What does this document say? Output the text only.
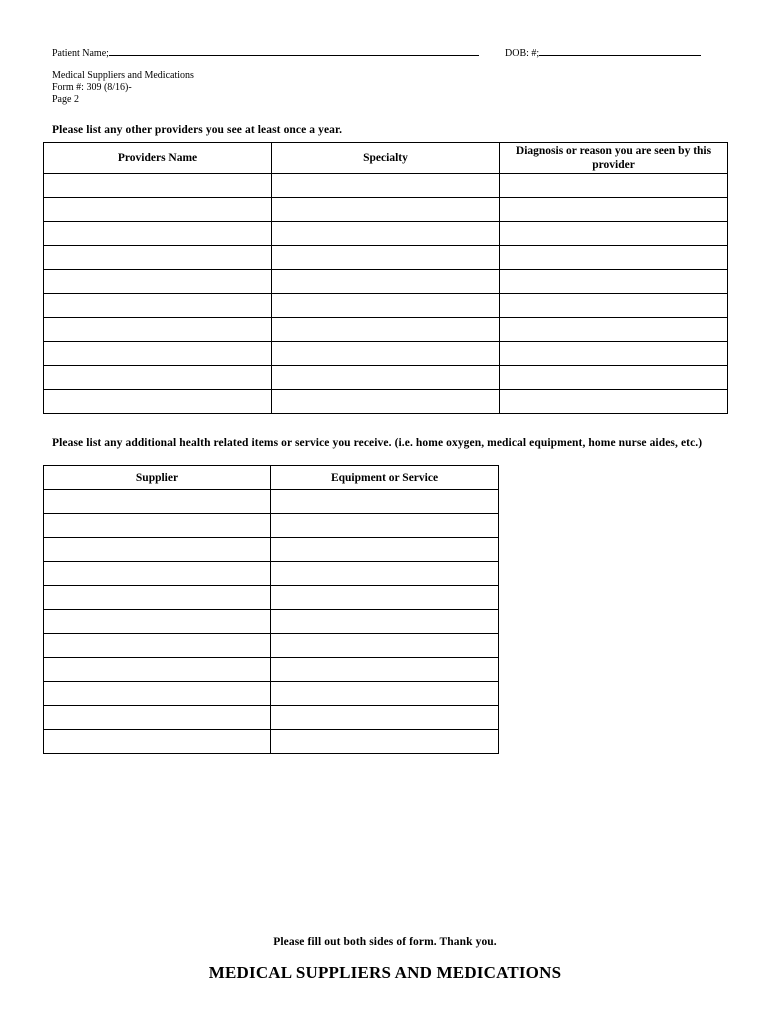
Patient Name;	DOB: #;
Medical Suppliers and Medications
Form #: 309 (8/16)-
Page 2
Please list any other providers you see at least once a year.
Providers Name	Specialty	Diagnosis or reason you are seen by this provider

Please list any additional health related items or service you receive. (i.e. home oxygen, medical equipment, home nurse aides, etc.)
Supplier	Equipment or Service

Please fill out both sides of form. Thank you.
MEDICAL SUPPLIERS AND MEDICATIONS
